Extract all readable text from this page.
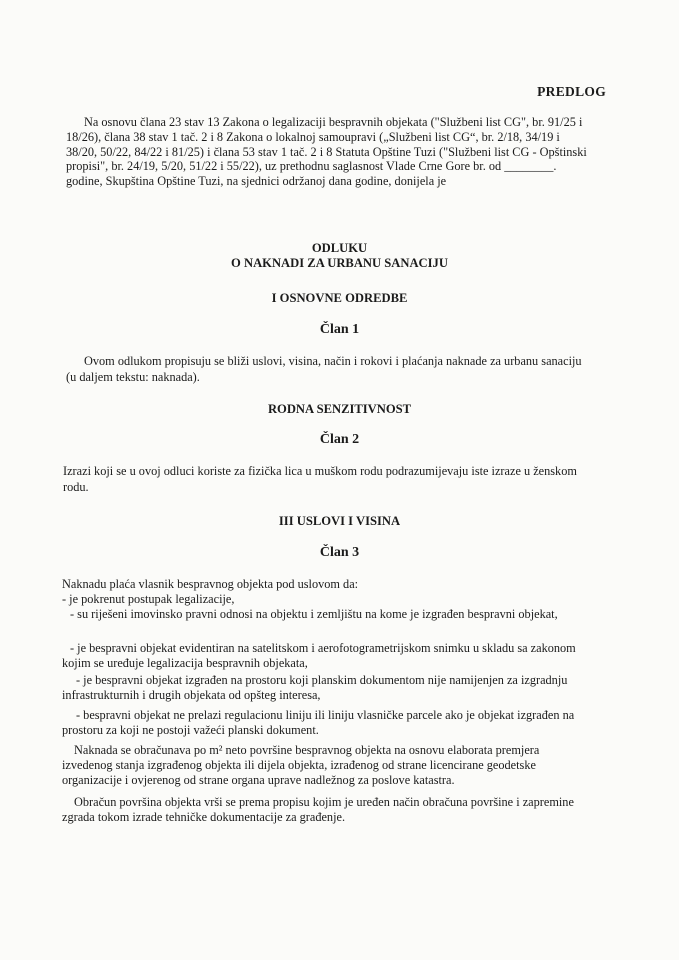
PREDLOG
Na osnovu člana 23 stav 13 Zakona o legalizaciji bespravnih objekata ("Službeni list CG", br. 91/25 i 18/26), člana 38 stav 1 tač. 2 i 8 Zakona o lokalnoj samoupravi („Službeni list CG“, br. 2/18, 34/19 i 38/20, 50/22, 84/22 i 81/25) i člana 53 stav 1 tač. 2 i 8 Statuta Opštine Tuzi ("Službeni list CG - Opštinski propisi", br. 24/19, 5/20, 51/22 i 55/22), uz prethodnu saglasnost Vlade Crne Gore br. od ________. godine, Skupština Opštine Tuzi, na sjednici održanoj dana godine, donijela je
ODLUKU
O NAKNADI ZA URBANU SANACIJU
I OSNOVNE ODREDBE
Član 1
Ovom odlukom propisuju se bliži uslovi, visina, način i rokovi i plaćanja naknade za urbanu sanaciju (u daljem tekstu: naknada).
RODNA SENZITIVNOST
Član 2
Izrazi koji se u ovoj odluci koriste za fizička lica u muškom rodu podrazumijevaju iste izraze u ženskom rodu.
III USLOVI I VISINA
Član 3
Naknadu plaća vlasnik bespravnog objekta pod uslovom da:
- je pokrenut postupak legalizacije,
- su riješeni imovinsko pravni odnosi na objektu i zemljištu na kome je izgrađen bespravni objekat,
- je bespravni objekat evidentiran na satelitskom i aerofotogrametrijskom snimku u skladu sa zakonom kojim se uređuje legalizacija bespravnih objekata,
- je bespravni objekat izgrađen na prostoru koji planskim dokumentom nije namijenjen za izgradnju infrastrukturnih i drugih objekata od opšteg interesa,
- bespravni objekat ne prelazi regulacionu liniju ili liniju vlasničke parcele ako je objekat izgrađen na prostoru za koji ne postoji važeći planski dokument.
Naknada se obračunava po m² neto površine bespravnog objekta na osnovu elaborata premjera izvedenog stanja izgrađenog objekta ili dijela objekta, izrađenog od strane licencirane geodetske organizacije i ovjerenog od strane organa uprave nadležnog za poslove katastra.
Obračun površina objekta vrši se prema propisu kojim je uređen način obračuna površine i zapremine zgrada tokom izrade tehničke dokumentacije za građenje.
